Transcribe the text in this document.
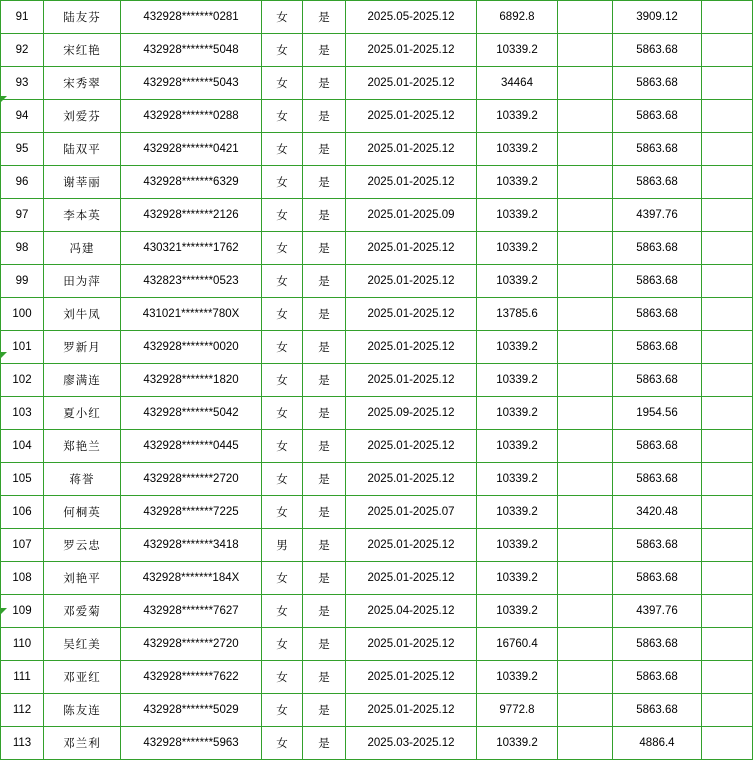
91	陆友芬	432928*******0281	女	是	2025.05-2025.12	6892.8		3909.12	
92	宋红艳	432928*******5048	女	是	2025.01-2025.12	10339.2		5863.68	
93	宋秀翠	432928*******5043	女	是	2025.01-2025.12	34464		5863.68	
94	刘爱芬	432928*******0288	女	是	2025.01-2025.12	10339.2		5863.68	
95	陆双平	432928*******0421	女	是	2025.01-2025.12	10339.2		5863.68	
96	谢莘丽	432928*******6329	女	是	2025.01-2025.12	10339.2		5863.68	
97	李本英	432928*******2126	女	是	2025.01-2025.09	10339.2		4397.76	
98	冯建	430321*******1762	女	是	2025.01-2025.12	10339.2		5863.68	
99	田为萍	432823*******0523	女	是	2025.01-2025.12	10339.2		5863.68	
100	刘牛凤	431021*******780X	女	是	2025.01-2025.12	13785.6		5863.68	
101	罗新月	432928*******0020	女	是	2025.01-2025.12	10339.2		5863.68	
102	廖满连	432928*******1820	女	是	2025.01-2025.12	10339.2		5863.68	
103	夏小红	432928*******5042	女	是	2025.09-2025.12	10339.2		1954.56	
104	郑艳兰	432928*******0445	女	是	2025.01-2025.12	10339.2		5863.68	
105	蒋誉	432928*******2720	女	是	2025.01-2025.12	10339.2		5863.68	
106	何桐英	432928*******7225	女	是	2025.01-2025.07	10339.2		3420.48	
107	罗云忠	432928*******3418	男	是	2025.01-2025.12	10339.2		5863.68	
108	刘艳平	432928*******184X	女	是	2025.01-2025.12	10339.2		5863.68	
109	邓爱菊	432928*******7627	女	是	2025.04-2025.12	10339.2		4397.76	
110	吴红美	432928*******2720	女	是	2025.01-2025.12	16760.4		5863.68	
111	邓亚红	432928*******7622	女	是	2025.01-2025.12	10339.2		5863.68	
112	陈友连	432928*******5029	女	是	2025.01-2025.12	9772.8		5863.68	
113	邓兰利	432928*******5963	女	是	2025.03-2025.12	10339.2		4886.4	
